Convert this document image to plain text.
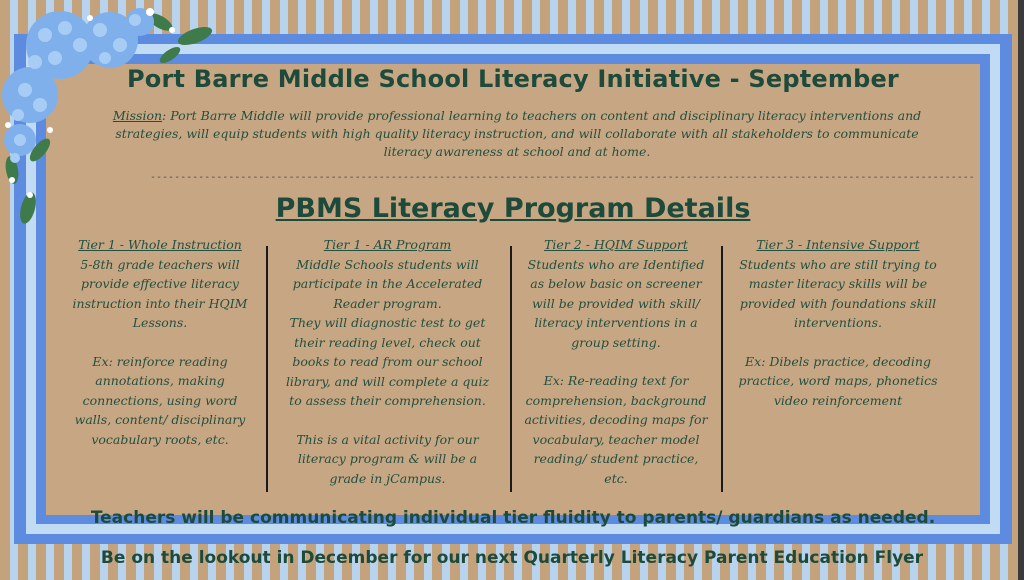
Port Barre Middle School Literacy Initiative - September
Mission: Port Barre Middle will provide professional learning to teachers on content and disciplinary literacy interventions and strategies, will equip students with high quality literacy instruction, and will collaborate with all stakeholders to communicate literacy awareness at school and at home.
-----------------------------------------------------------------------------------------------------------------------------------------
PBMS Literacy Program Details
Tier 1 - Whole Instruction

5-8th grade teachers will provide effective literacy instruction into their HQIM Lessons.

Ex: reinforce reading annotations, making connections, using word walls, content/ disciplinary vocabulary roots, etc.

Tier 1 - AR Program

Middle Schools students will participate in the Accelerated Reader program.

They will diagnostic test to get their reading level, check out books to read from our school library, and will complete a quiz to assess their comprehension.

This is a vital activity for our literacy program & will be a grade in jCampus.

Tier 2 - HQIM Support

Students who are Identified as below basic on screener will be provided with skill/ literacy interventions in a group setting.

Ex: Re-reading text for comprehension, background activities, decoding maps for vocabulary, teacher model reading/ student practice, etc.

Tier 3 - Intensive Support

Students who are still trying to master literacy skills will be provided with foundations skill interventions.

Ex: Dibels practice, decoding practice, word maps, phonetics video reinforcement

Teachers will be communicating individual tier fluidity to parents/ guardians as needed.
Be on the lookout in December for our next Quarterly Literacy Parent Education Flyer
